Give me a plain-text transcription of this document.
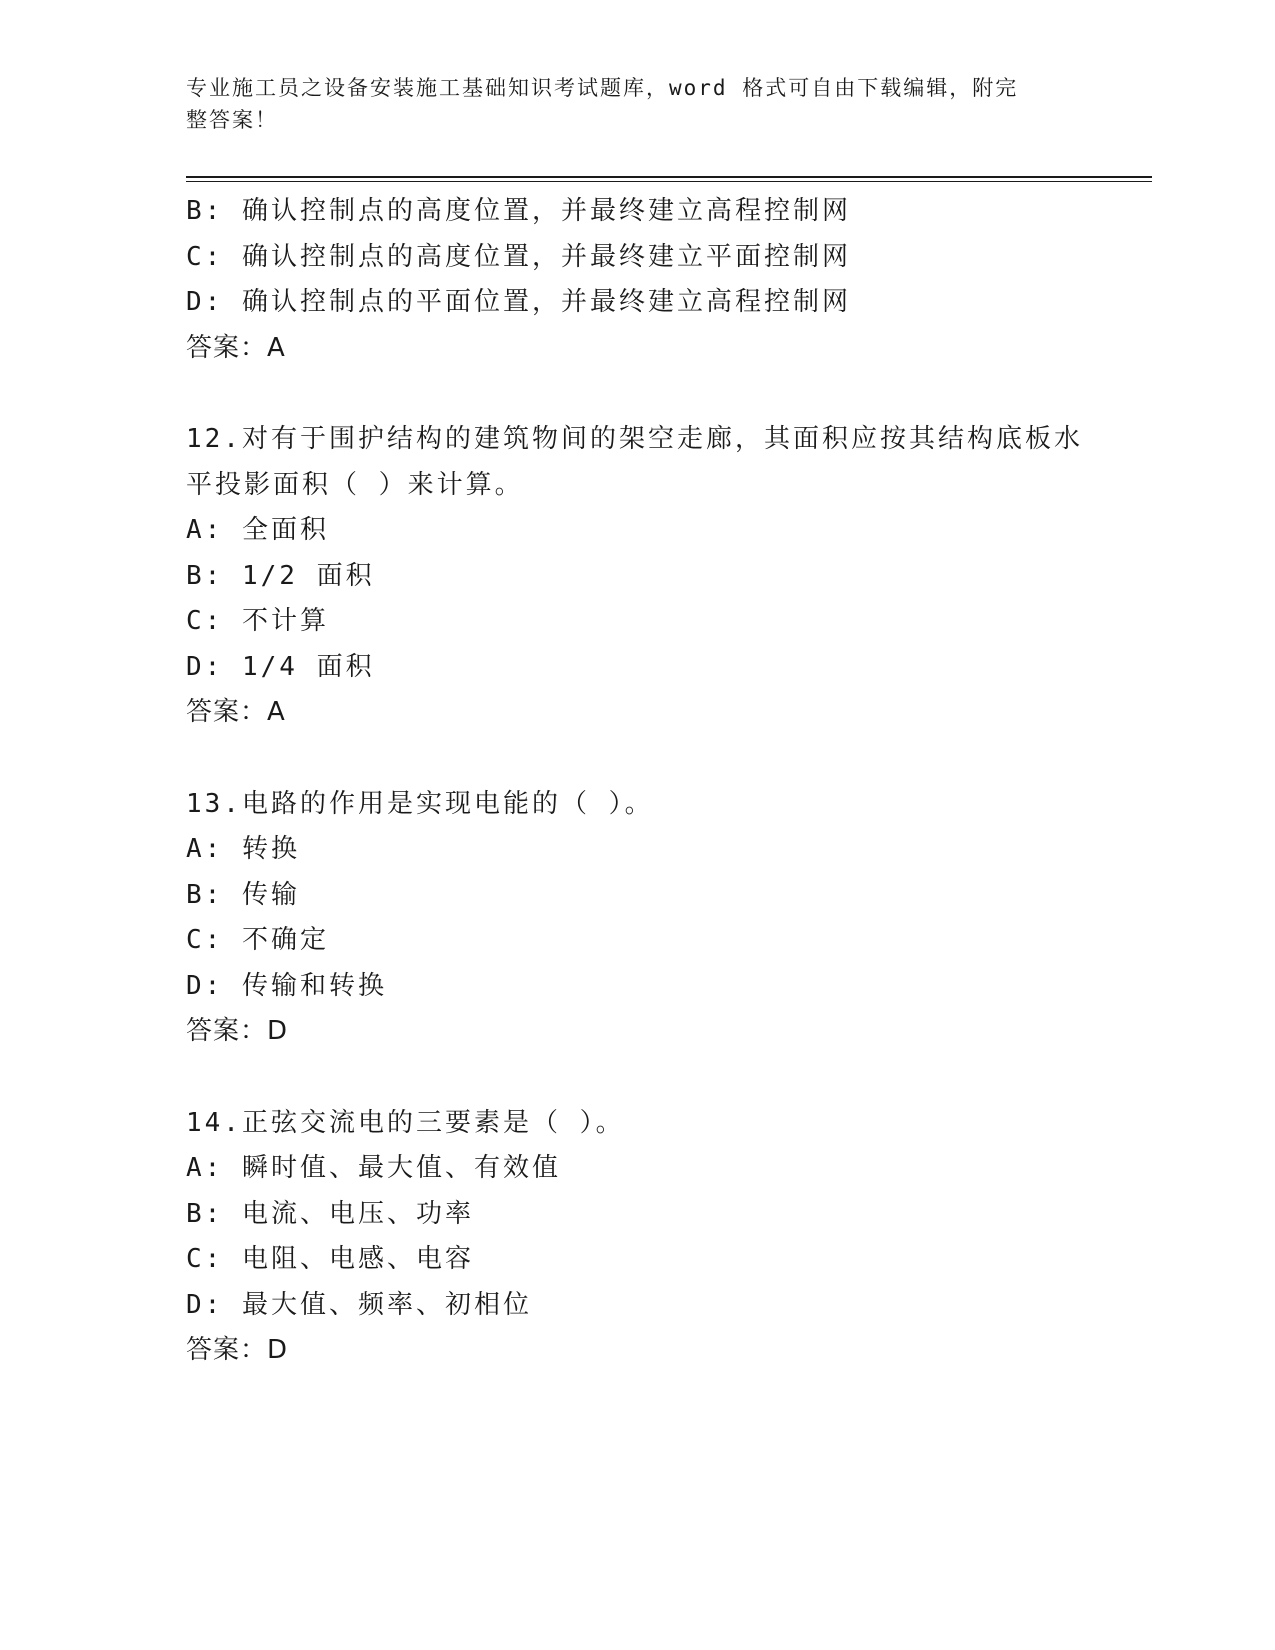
专业施工员之设备安装施工基础知识考试题库，word 格式可自由下载编辑，附完
整答案！
B: 确认控制点的高度位置，并最终建立高程控制网
C: 确认控制点的高度位置，并最终建立平面控制网
D: 确认控制点的平面位置，并最终建立高程控制网
答案：A
12.对有于围护结构的建筑物间的架空走廊，其面积应按其结构底板水
平投影面积（ ）来计算。
A: 全面积
B: 1/2 面积
C: 不计算
D: 1/4 面积
答案：A
13.电路的作用是实现电能的（ ）。
A: 转换
B: 传输
C: 不确定
D: 传输和转换
答案：D
14.正弦交流电的三要素是（ ）。
A: 瞬时值、最大值、有效值
B: 电流、电压、功率
C: 电阻、电感、电容
D: 最大值、频率、初相位
答案：D
